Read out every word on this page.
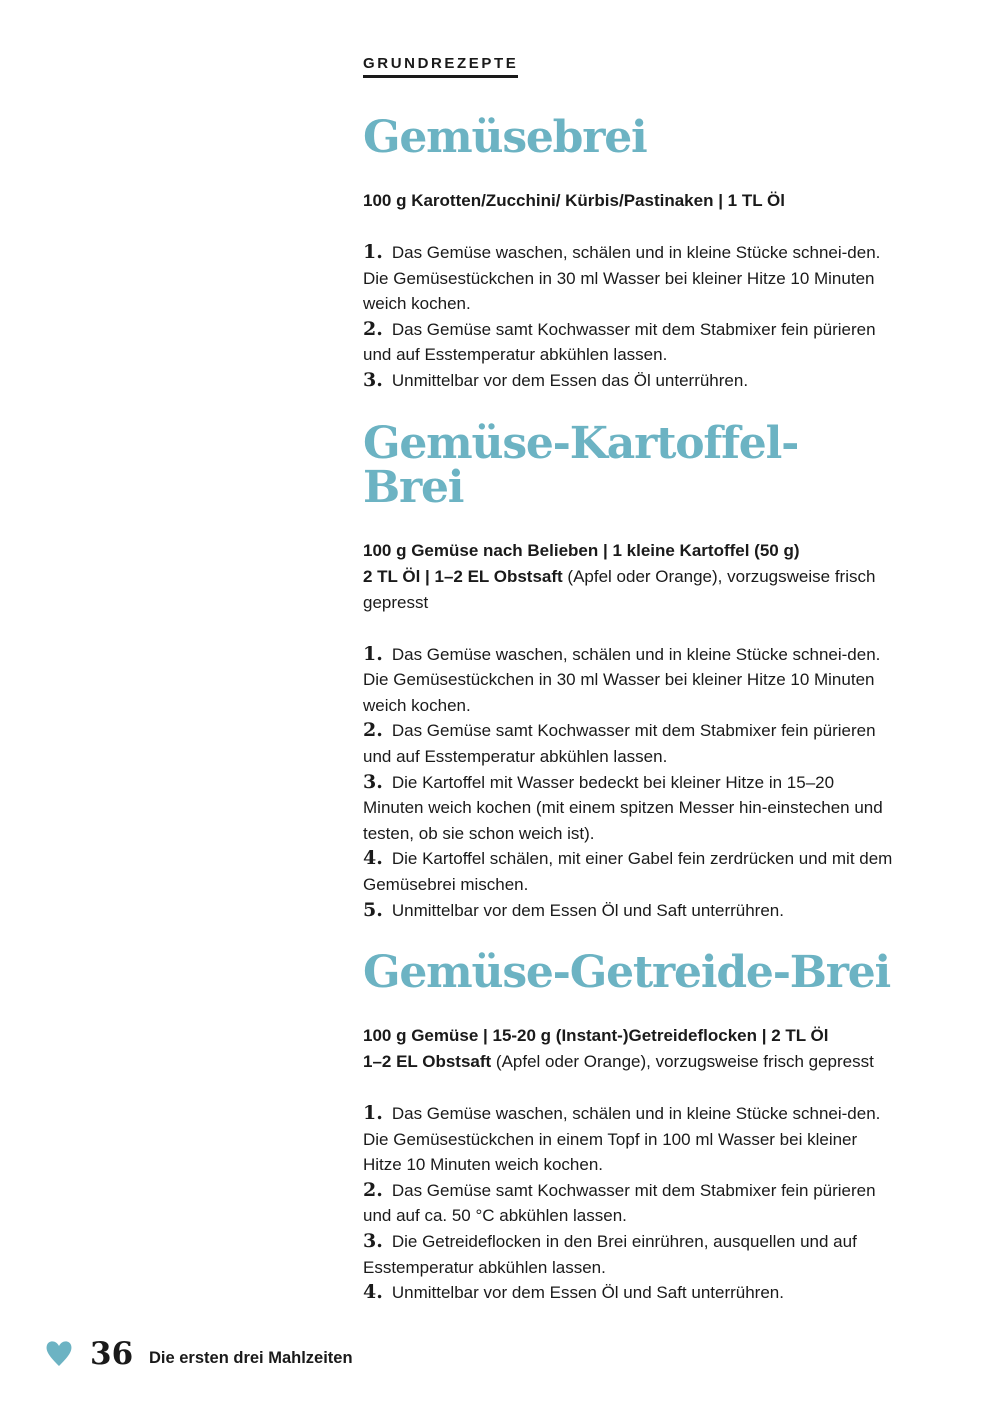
GRUNDREZEPTE
Gemüsebrei

100 g Karotten/Zucchini/ Kürbis/Pastinaken | 1 TL Öl

1. Das Gemüse waschen, schälen und in kleine Stücke schnei-den. Die Gemüsestückchen in 30 ml Wasser bei kleiner Hitze 10 Minuten weich kochen.
2. Das Gemüse samt Kochwasser mit dem Stabmixer fein pürieren und auf Esstemperatur abkühlen lassen.
3. Unmittelbar vor dem Essen das Öl unterrühren.
Gemüse-Kartoffel-Brei

100 g Gemüse nach Belieben | 1 kleine Kartoffel (50 g)

2 TL Öl | 1–2 EL Obstsaft (Apfel oder Orange), vorzugsweise frisch gepresst

1. Das Gemüse waschen, schälen und in kleine Stücke schnei-den. Die Gemüsestückchen in 30 ml Wasser bei kleiner Hitze 10 Minuten weich kochen.
2. Das Gemüse samt Kochwasser mit dem Stabmixer fein pürieren und auf Esstemperatur abkühlen lassen.
3. Die Kartoffel mit Wasser bedeckt bei kleiner Hitze in 15–20 Minuten weich kochen (mit einem spitzen Messer hin-einstechen und testen, ob sie schon weich ist).
4. Die Kartoffel schälen, mit einer Gabel fein zerdrücken und mit dem Gemüsebrei mischen.
5. Unmittelbar vor dem Essen Öl und Saft unterrühren.
Gemüse-Getreide-Brei

100 g Gemüse | 15-20 g (Instant-)Getreideflocken | 2 TL Öl

1–2 EL Obstsaft (Apfel oder Orange), vorzugsweise frisch gepresst

1. Das Gemüse waschen, schälen und in kleine Stücke schnei-den. Die Gemüsestückchen in einem Topf in 100 ml Wasser bei kleiner Hitze 10 Minuten weich kochen.
2. Das Gemüse samt Kochwasser mit dem Stabmixer fein pürieren und auf ca. 50 °C abkühlen lassen.
3. Die Getreideflocken in den Brei einrühren, ausquellen und auf Esstemperatur abkühlen lassen.
4. Unmittelbar vor dem Essen Öl und Saft unterrühren.
36 Die ersten drei Mahlzeiten
